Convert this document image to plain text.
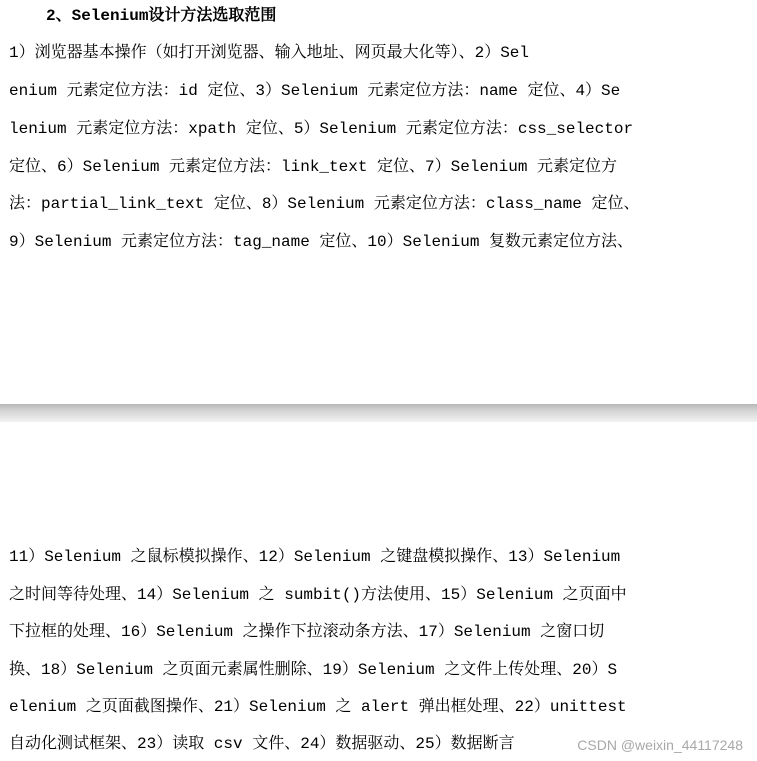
2、Selenium设计方法选取范围
1）浏览器基本操作（如打开浏览器、输入地址、网页最大化等）、2）Sel
enium 元素定位方法：id 定位、3）Selenium 元素定位方法：name 定位、4）Se
lenium 元素定位方法：xpath 定位、5）Selenium 元素定位方法：css_selector
定位、6）Selenium 元素定位方法：link_text 定位、7）Selenium 元素定位方
法：partial_link_text 定位、8）Selenium 元素定位方法：class_name 定位、
9）Selenium 元素定位方法：tag_name 定位、10）Selenium 复数元素定位方法、
11）Selenium 之鼠标模拟操作、12）Selenium 之键盘模拟操作、13）Selenium
之时间等待处理、14）Selenium 之 sumbit()方法使用、15）Selenium 之页面中
下拉框的处理、16）Selenium 之操作下拉滚动条方法、17）Selenium 之窗口切
换、18）Selenium 之页面元素属性删除、19）Selenium 之文件上传处理、20）S
elenium 之页面截图操作、21）Selenium 之 alert 弹出框处理、22）unittest
自动化测试框架、23）读取 csv 文件、24）数据驱动、25）数据断言	CSDN @weixin_44117248
